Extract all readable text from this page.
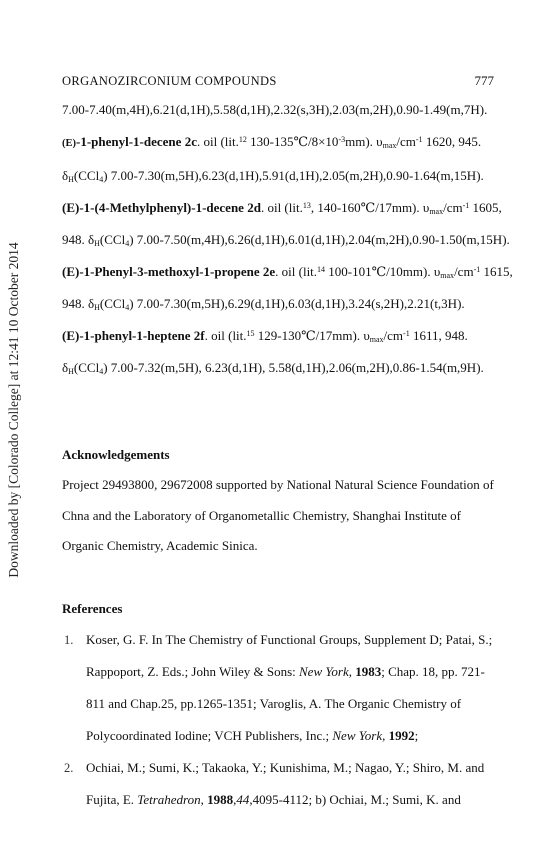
Downloaded by [Colorado College] at 12:41 10 October 2014
ORGANOZIRCONIUM COMPOUNDS	777
7.00-7.40(m,4H),6.21(d,1H),5.58(d,1H),2.32(s,3H),2.03(m,2H),0.90-1.49(m,7H).
(E)-1-phenyl-1-decene 2c. oil (lit.$^{12}$ $130-135℃/8\times 10^{-3}mm$). $\upsilon_{max}/cm^{-1}$ 1620, 945.
$\delta_H(CCl_4)$ 7.00-7.30(m,5H),6.23(d,1H),5.91(d,1H),2.05(m,2H),0.90-1.64(m,15H).
(E)-1-(4-Methylphenyl)-1-decene 2d. oil (lit.$^{13}$, 140-160℃/17mm). $\upsilon_{max}/cm^{-1}$ 1605,
948. $\delta_H(CCl_4)$ 7.00-7.50(m,4H),6.26(d,1H),6.01(d,1H),2.04(m,2H),0.90-1.50(m,15H).
(E)-1-Phenyl-3-methoxyl-1-propene 2e. oil (lit.$^{14}$ 100-101℃/10mm). $\upsilon_{max}/cm^{-1}$ 1615,
948. $\delta_H(CCl_4)$ 7.00-7.30(m,5H),6.29(d,1H),6.03(d,1H),3.24(s,2H),2.21(t,3H).
(E)-1-phenyl-1-heptene 2f. oil (lit.$^{15}$ 129-130℃/17mm). $\upsilon_{max}/cm^{-1}$ 1611, 948.
$\delta_H(CCl_4)$ 7.00-7.32(m,5H), 6.23(d,1H), 5.58(d,1H),2.06(m,2H),0.86-1.54(m,9H).
Acknowledgements

Project 29493800, 29672008 supported by National Natural Science Foundation of Chna and the Laboratory of Organometallic Chemistry, Shanghai Institute of Organic Chemistry, Academic Sinica.

References
1. Koser, G. F. In The Chemistry of Functional Groups, Supplement D; Patai, S.;
Rappoport, Z. Eds.; John Wiley & Sons: New York, 1983; Chap. 18, pp. 721-
811 and Chap.25, pp.1265-1351; Varoglis, A. The Organic Chemistry of
Polycoordinated Iodine; VCH Publishers, Inc.; New York, 1992;
2. Ochiai, M.; Sumi, K.; Takaoka, Y.; Kunishima, M.; Nagao, Y.; Shiro, M. and
Fujita, E. Tetrahedron, 1988,44,4095-4112; b) Ochiai, M.; Sumi, K. and
